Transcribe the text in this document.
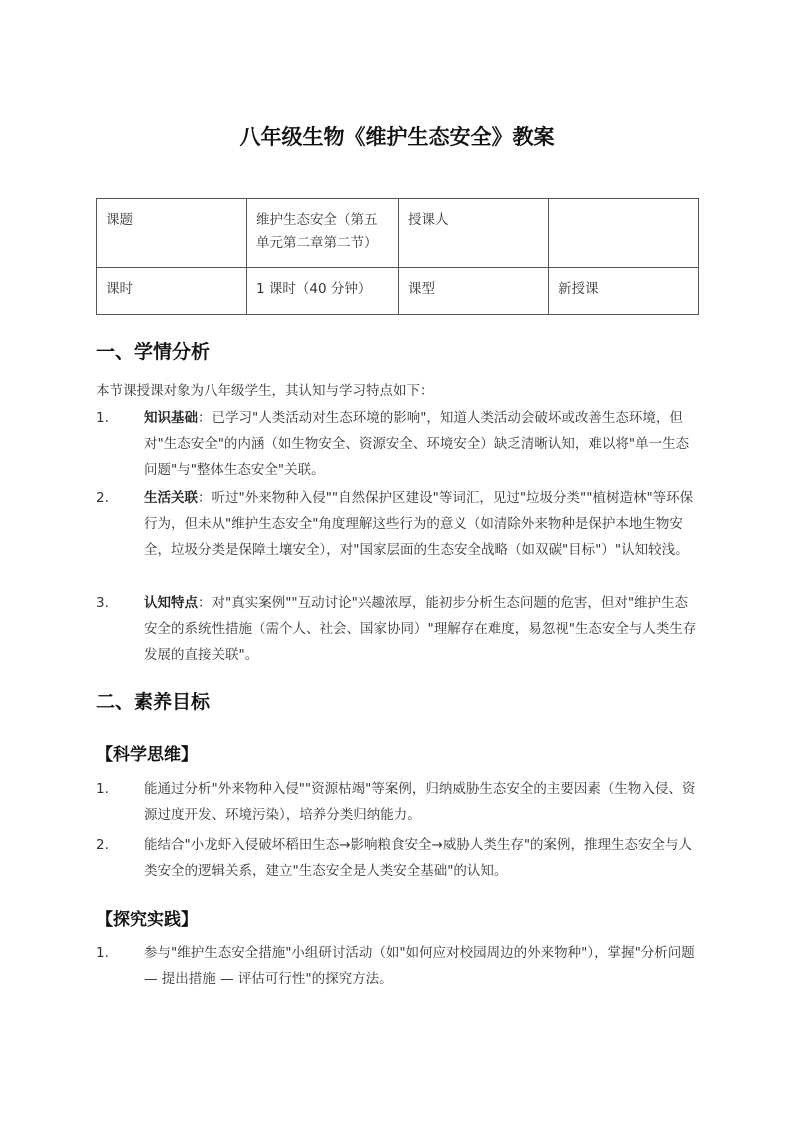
八年级生物《维护生态安全》教案
课题	维护生态安全（第五单元第二章第二节）	授课人	
课时	1 课时（40 分钟）	课型	新授课
一、学情分析
本节课授课对象为八年级学生，其认知与学习特点如下：
1.	知识基础：已学习"人类活动对生态环境的影响"，知道人类活动会破坏或改善生态环境，但对"生态安全"的内涵（如生物安全、资源安全、环境安全）缺乏清晰认知，难以将"单一生态问题"与"整体生态安全"关联。
2.	生活关联：听过"外来物种入侵""自然保护区建设"等词汇，见过"垃圾分类""植树造林"等环保行为，但未从"维护生态安全"角度理解这些行为的意义（如清除外来物种是保护本地生物安全，垃圾分类是保障土壤安全），对"国家层面的生态安全战略（如双碳"目标"）"认知较浅。
3.	认知特点：对"真实案例""互动讨论"兴趣浓厚，能初步分析生态问题的危害，但对"维护生态安全的系统性措施（需个人、社会、国家协同）"理解存在难度，易忽视"生态安全与人类生存发展的直接关联"。
二、素养目标
【科学思维】
1.	能通过分析"外来物种入侵""资源枯竭"等案例，归纳威胁生态安全的主要因素（生物入侵、资源过度开发、环境污染），培养分类归纳能力。
2.	能结合"小龙虾入侵破坏稻田生态→影响粮食安全→威胁人类生存"的案例，推理生态安全与人类安全的逻辑关系，建立"生态安全是人类安全基础"的认知。
【探究实践】
1.	参与"维护生态安全措施"小组研讨活动（如"如何应对校园周边的外来物种"），掌握"分析问题 — 提出措施 — 评估可行性"的探究方法。
